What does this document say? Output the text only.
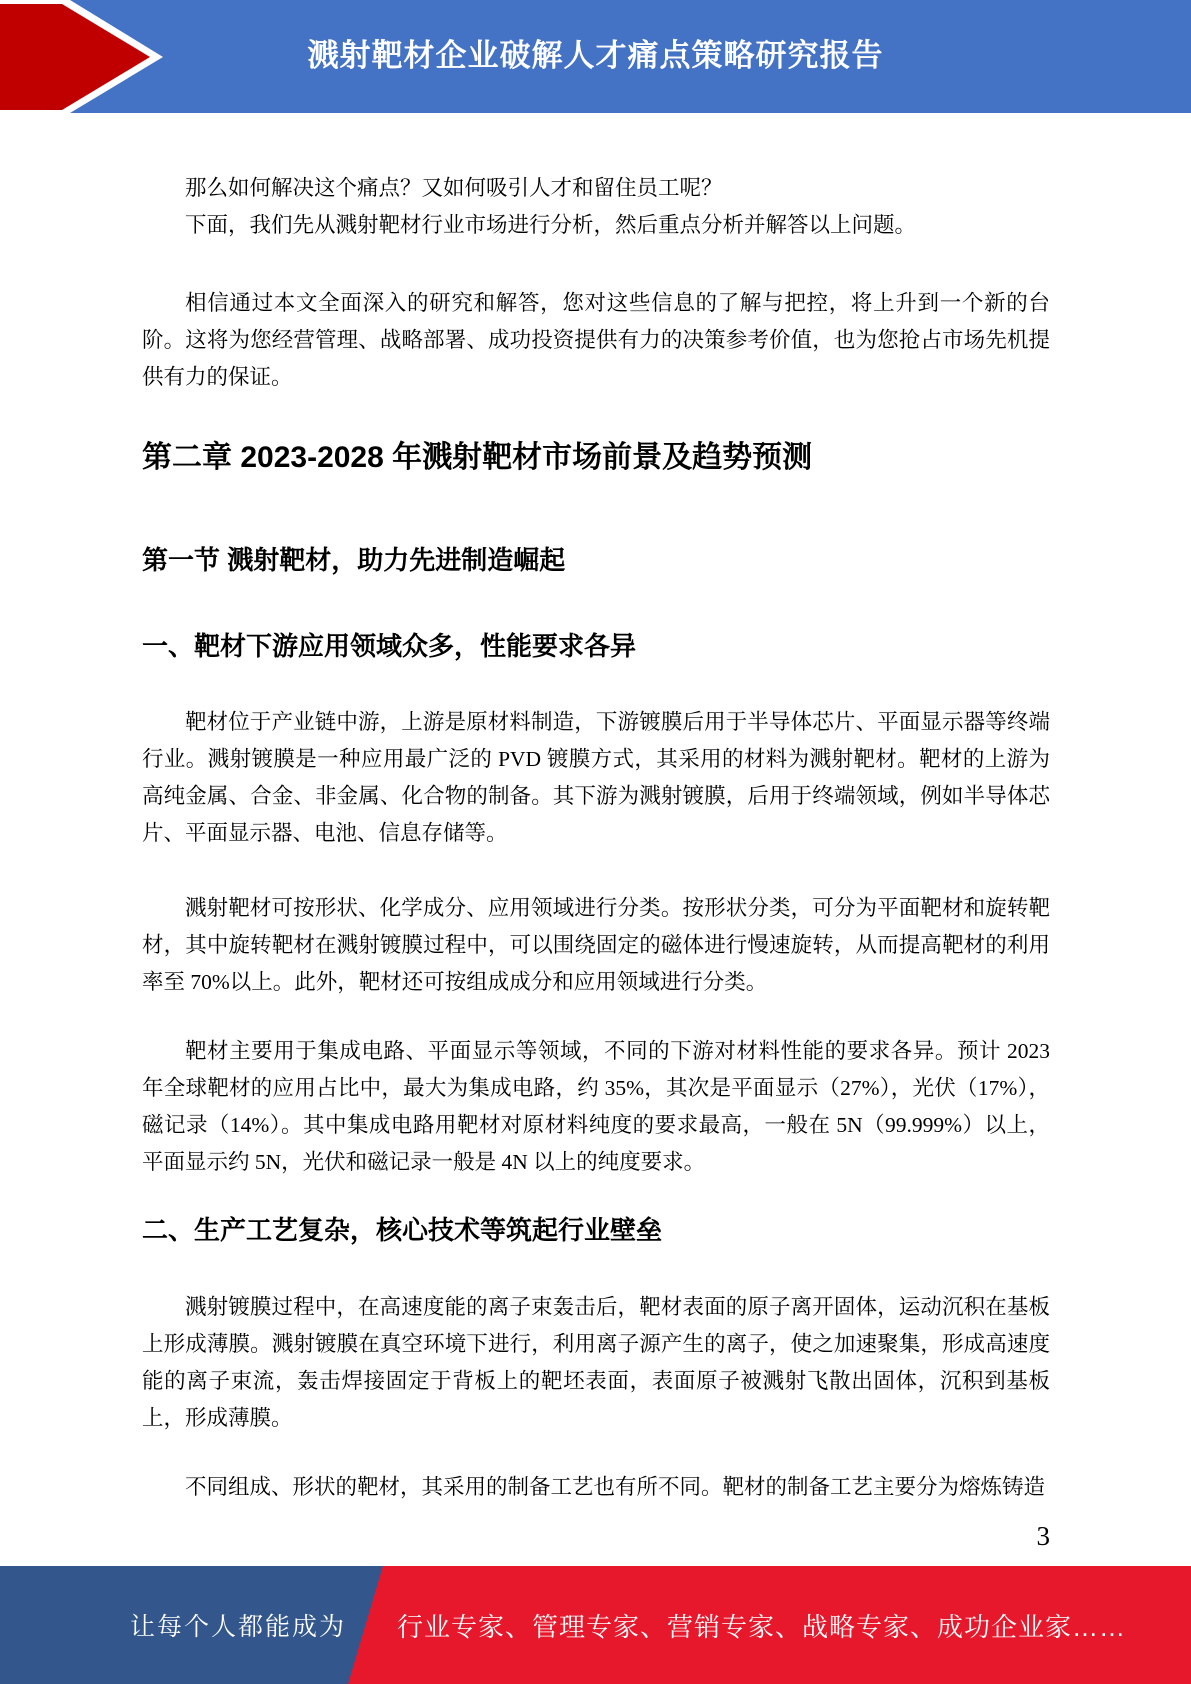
溅射靶材企业破解人才痛点策略研究报告

那么如何解决这个痛点？又如何吸引人才和留住员工呢？

下面，我们先从溅射靶材行业市场进行分析，然后重点分析并解答以上问题。

相信通过本文全面深入的研究和解答，您对这些信息的了解与把控，将上升到一个新的台阶。这将为您经营管理、战略部署、成功投资提供有力的决策参考价值，也为您抢占市场先机提供有力的保证。

第二章 2023-2028 年溅射靶材市场前景及趋势预测
第一节 溅射靶材，助力先进制造崛起
一、靶材下游应用领域众多，性能要求各异

靶材位于产业链中游，上游是原材料制造，下游镀膜后用于半导体芯片、平面显示器等终端行业。溅射镀膜是一种应用最广泛的 PVD 镀膜方式，其采用的材料为溅射靶材。靶材的上游为高纯金属、合金、非金属、化合物的制备。其下游为溅射镀膜，后用于终端领域，例如半导体芯片、平面显示器、电池、信息存储等。

溅射靶材可按形状、化学成分、应用领域进行分类。按形状分类，可分为平面靶材和旋转靶材，其中旋转靶材在溅射镀膜过程中，可以围绕固定的磁体进行慢速旋转，从而提高靶材的利用率至 70%以上。此外，靶材还可按组成成分和应用领域进行分类。

靶材主要用于集成电路、平面显示等领域，不同的下游对材料性能的要求各异。预计 2023 年全球靶材的应用占比中，最大为集成电路，约 35%，其次是平面显示（27%），光伏（17%），磁记录（14%）。其中集成电路用靶材对原材料纯度的要求最高，一般在 5N（99.999%）以上，平面显示约 5N，光伏和磁记录一般是 4N 以上的纯度要求。

二、生产工艺复杂，核心技术等筑起行业壁垒

溅射镀膜过程中，在高速度能的离子束轰击后，靶材表面的原子离开固体，运动沉积在基板上形成薄膜。溅射镀膜在真空环境下进行，利用离子源产生的离子，使之加速聚集，形成高速度能的离子束流，轰击焊接固定于背板上的靶坯表面，表面原子被溅射飞散出固体，沉积到基板上，形成薄膜。

不同组成、形状的靶材，其采用的制备工艺也有所不同。靶材的制备工艺主要分为熔炼铸造

3

让每个人都能成为 行业专家、管理专家、营销专家、战略专家、成功企业家……
